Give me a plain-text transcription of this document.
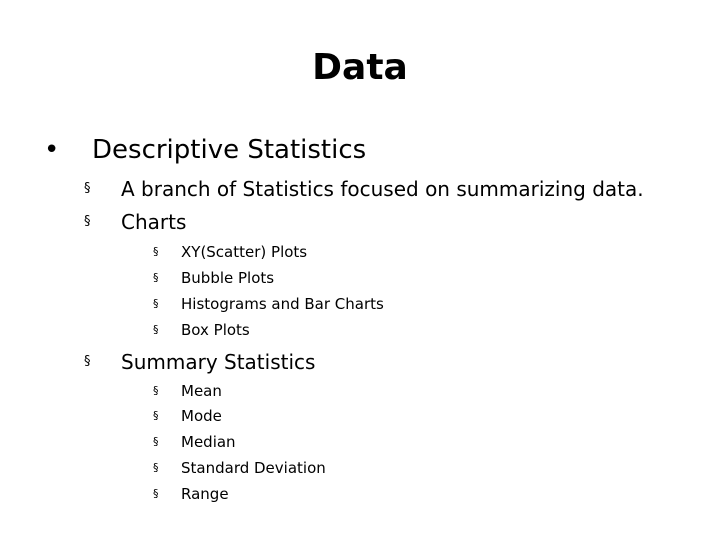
Data
• Descriptive Statistics
§ A branch of Statistics focused on summarizing data.
§ Charts
§ XY(Scatter) Plots
§ Bubble Plots
§ Histograms and Bar Charts
§ Box Plots
§ Summary Statistics
§ Mean
§ Mode
§ Median
§ Standard Deviation
§ Range
